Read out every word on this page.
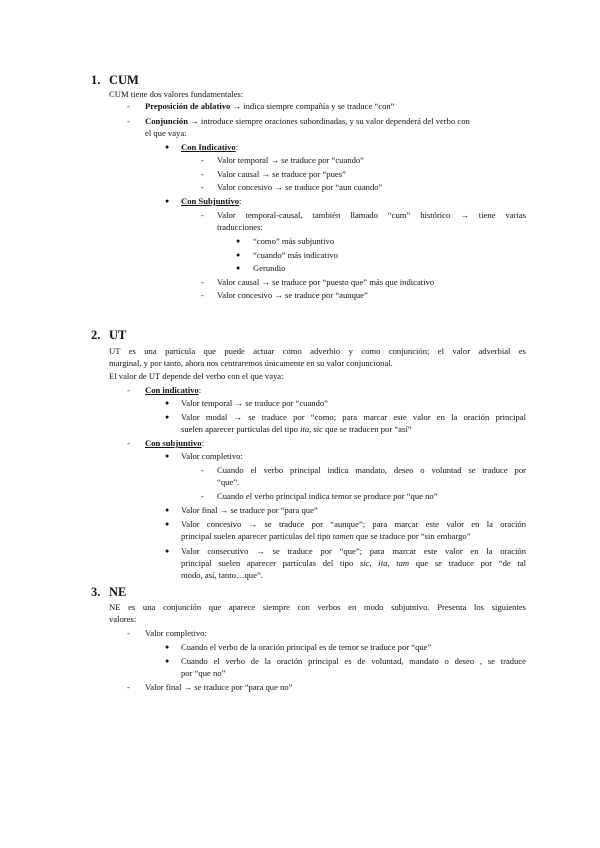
1. CUM
CUM tiene dos valores fundamentales:
- Preposición de ablativo → indica siempre compañía y se traduce “con”
- Conjunción → introduce siempre oraciones subordinadas, y su valor dependerá del verbo con
el que vaya:
● Con Indicativo:
- Valor temporal → se traduce por “cuando”
- Valor causal → se traduce por “pues”
- Valor concesivo → se traduce por “aun cuando”
● Con Subjuntivo:
- Valor temporal-causal, también llamado “cum” histórico → tiene varias
traducciones:
● “como” más subjuntivo
● “cuando” más indicativo
● Gerundio
- Valor causal → se traduce por “puesto que” más que indicativo
- Valor concesivo → se traduce por “aunque”
2. UT
UT es una partícula que puede actuar como adverbio y como conjunción; el valor adverbial es
marginal, y por tanto, ahora nos centraremos únicamente en su valor conjuncional.
El valor de UT depende del verbo con el que vaya:
- Con indicativo:
● Valor temporal → se traduce por “cuando”
● Valor modal → se traduce por “como; para marcar este valor en la oración principal
suelen aparecer partículas del tipo ita, sic que se traducen por “así”
- Con subjuntivo:
● Valor completivo:
- Cuando el verbo principal indica mandato, deseo o voluntad se traduce por
“que”.
- Cuando el verbo principal indica temor se produce por “que no”
● Valor final → se traduce por “para que”
● Valor concesivo → se traduce por “aunque”; para marcar este valor en la oración
principal suelen aparecer partículas del tipo tamen que se traduce por “sin embargo”
● Valor consecutivo → se traduce por “que”; para marcar este valor en la oración
principal suelen aparecer partículas del tipo sic, ita, tam que se traduce por “de tal
modo, así, tanto…que”.
3. NE
NE es una conjunción que aparece siempre con verbos en modo subjuntivo. Presenta los siguientes
valores:
- Valor completivo:
● Cuando el verbo de la oración principal es de temor se traduce por “que”
● Cuando el verbo de la oración principal es de voluntad, mandato o deseo , se traduce
por “que no”
- Valor final → se traduce por “para que no”
